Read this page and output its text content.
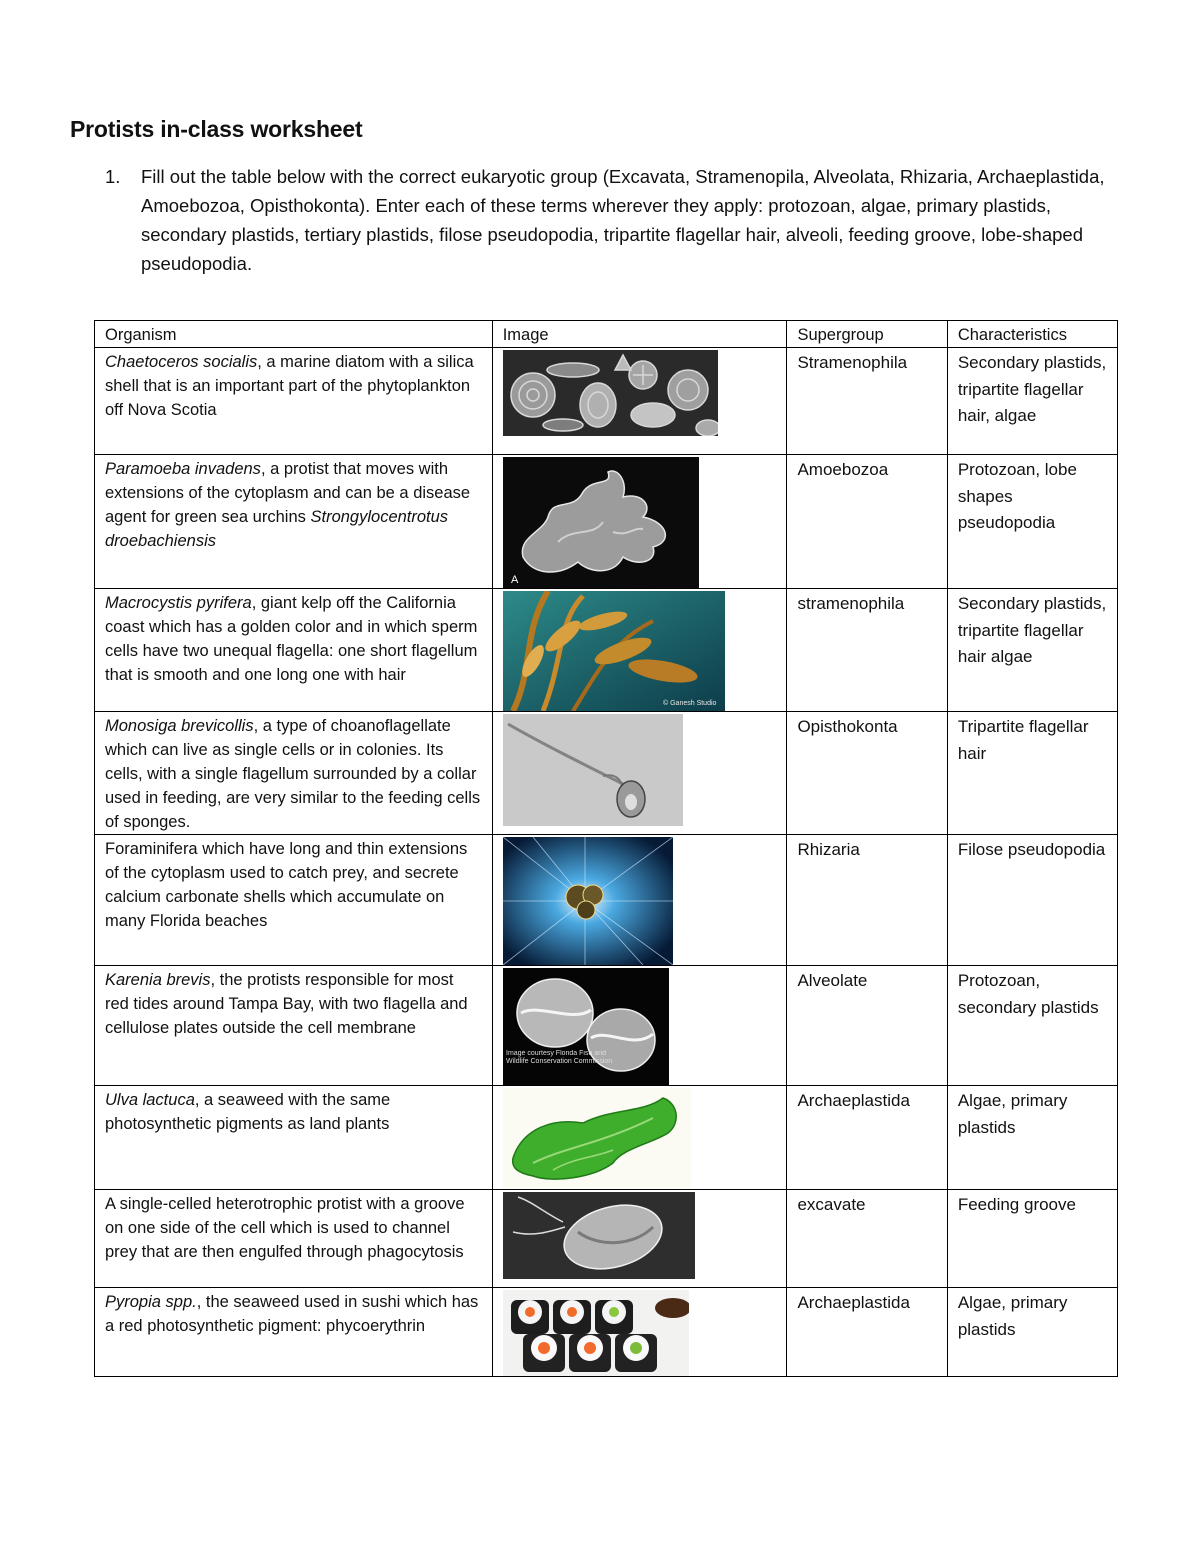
Protists in-class worksheet
1. Fill out the table below with the correct eukaryotic group (Excavata, Stramenopila, Alveolata, Rhizaria, Archaeplastida, Amoebozoa, Opisthokonta). Enter each of these terms wherever they apply: protozoan, algae, primary plastids, secondary plastids, tertiary plastids, filose pseudopodia, tripartite flagellar hair, alveoli, feeding groove, lobe-shaped pseudopodia.
Organism	Image	Supergroup	Characteristics
Chaetoceros socialis, a marine diatom with a silica shell that is an important part of the phytoplankton off Nova Scotia		Stramenophila	Secondary plastids, tripartite flagellar hair, algae
Paramoeba invadens, a protist that moves with extensions of the cytoplasm and can be a disease agent for green sea urchins Strongylocentrotus droebachiensis	A	Amoebozoa	Protozoan, lobe shapes pseudopodia
Macrocystis pyrifera, giant kelp off the California coast which has a golden color and in which sperm cells have two unequal flagella: one short flagellum that is smooth and one long one with hair	© Ganesh Studio	stramenophila	Secondary plastids, tripartite flagellar hair algae
Monosiga brevicollis, a type of choanoflagellate which can live as single cells or in colonies. Its cells, with a single flagellum surrounded by a collar used in feeding, are very similar to the feeding cells of sponges.		Opisthokonta	Tripartite flagellar hair
Foraminifera which have long and thin extensions of the cytoplasm used to catch prey, and secrete calcium carbonate shells which accumulate on many Florida beaches		Rhizaria	Filose pseudopodia
Karenia brevis, the protists responsible for most red tides around Tampa Bay, with two flagella and cellulose plates outside the cell membrane	Image courtesy Florida Fish and Wildlife Conservation Commission	Alveolate	Protozoan, secondary plastids
Ulva lactuca, a seaweed with the same photosynthetic pigments as land plants		Archaeplastida	Algae, primary plastids
A single-celled heterotrophic protist with a groove on one side of the cell which is used to channel prey that are then engulfed through phagocytosis		excavate	Feeding groove
Pyropia spp., the seaweed used in sushi which has a red photosynthetic pigment: phycoerythrin		Archaeplastida	Algae, primary plastids
